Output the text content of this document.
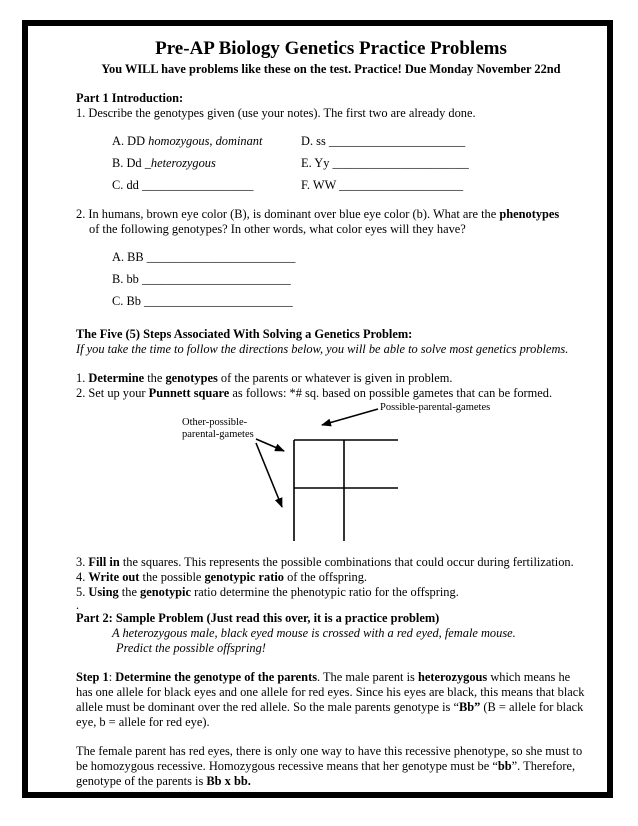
Pre-AP Biology Genetics Practice Problems

You WILL have problems like these on the test. Practice! Due Monday November 22nd

Part 1 Introduction:

1. Describe the genotypes given (use your notes). The first two are already done.

A. DD homozygous, dominant	D. ss ______________________
B. Dd _heterozygous	E. Yy ______________________
C. dd __________________	F. WW ____________________

2. In humans, brown eye color (B), is dominant over blue eye color (b). What are the phenotypes

of the following genotypes? In other words, what color eyes will they have?

A. BB ________________________
B. bb ________________________
C. Bb ________________________

The Five (5) Steps Associated With Solving a Genetics Problem:

If you take the time to follow the directions below, you will be able to solve most genetics problems.

1. Determine the genotypes of the parents or whatever is given in problem.

2. Set up your Punnett square as follows: *# sq. based on possible gametes that can be formed.

Possible-parental-gametes
Other-possible-
parental-gametes

3. Fill in the squares. This represents the possible combinations that could occur during fertilization.

4. Write out the possible genotypic ratio of the offspring.

5. Using the genotypic ratio determine the phenotypic ratio for the offspring.

.

Part 2: Sample Problem (Just read this over, it is a practice problem)

A heterozygous male, black eyed mouse is crossed with a red eyed, female mouse.

Predict the possible offspring!

Step 1: Determine the genotype of the parents. The male parent is heterozygous which means he has one allele for black eyes and one allele for red eyes. Since his eyes are black, this means that black allele must be dominant over the red allele. So the male parents genotype is “Bb” (B = allele for black eye, b = allele for red eye).

The female parent has red eyes, there is only one way to have this recessive phenotype, so she must to be homozygous recessive. Homozygous recessive means that her genotype must be “bb”. Therefore, genotype of the parents is Bb x bb.
